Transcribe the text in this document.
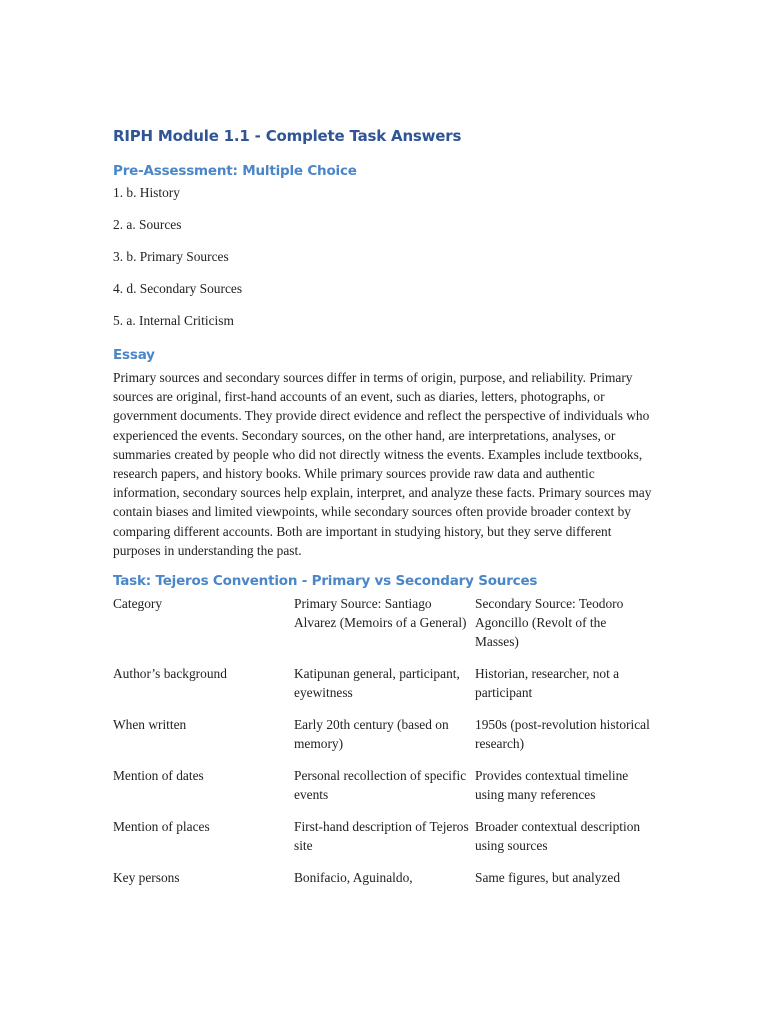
RIPH Module 1.1 - Complete Task Answers
Pre-Assessment: Multiple Choice
1. b. History
2. a. Sources
3. b. Primary Sources
4. d. Secondary Sources
5. a. Internal Criticism
Essay

Primary sources and secondary sources differ in terms of origin, purpose, and reliability. Primary sources are original, first-hand accounts of an event, such as diaries, letters, photographs, or government documents. They provide direct evidence and reflect the perspective of individuals who experienced the events. Secondary sources, on the other hand, are interpretations, analyses, or summaries created by people who did not directly witness the events. Examples include textbooks, research papers, and history books. While primary sources provide raw data and authentic information, secondary sources help explain, interpret, and analyze these facts. Primary sources may contain biases and limited viewpoints, while secondary sources often provide broader context by comparing different accounts. Both are important in studying history, but they serve different purposes in understanding the past.

Task: Tejeros Convention - Primary vs Secondary Sources
Category	Primary Source: Santiago Alvarez (Memoirs of a General)	Secondary Source: Teodoro Agoncillo (Revolt of the Masses)
Author’s background	Katipunan general, participant, eyewitness	Historian, researcher, not a participant
When written	Early 20th century (based on memory)	1950s (post-revolution historical research)
Mention of dates	Personal recollection of specific events	Provides contextual timeline using many references
Mention of places	First-hand description of Tejeros site	Broader contextual description using sources
Key persons	Bonifacio, Aguinaldo,	Same figures, but analyzed
